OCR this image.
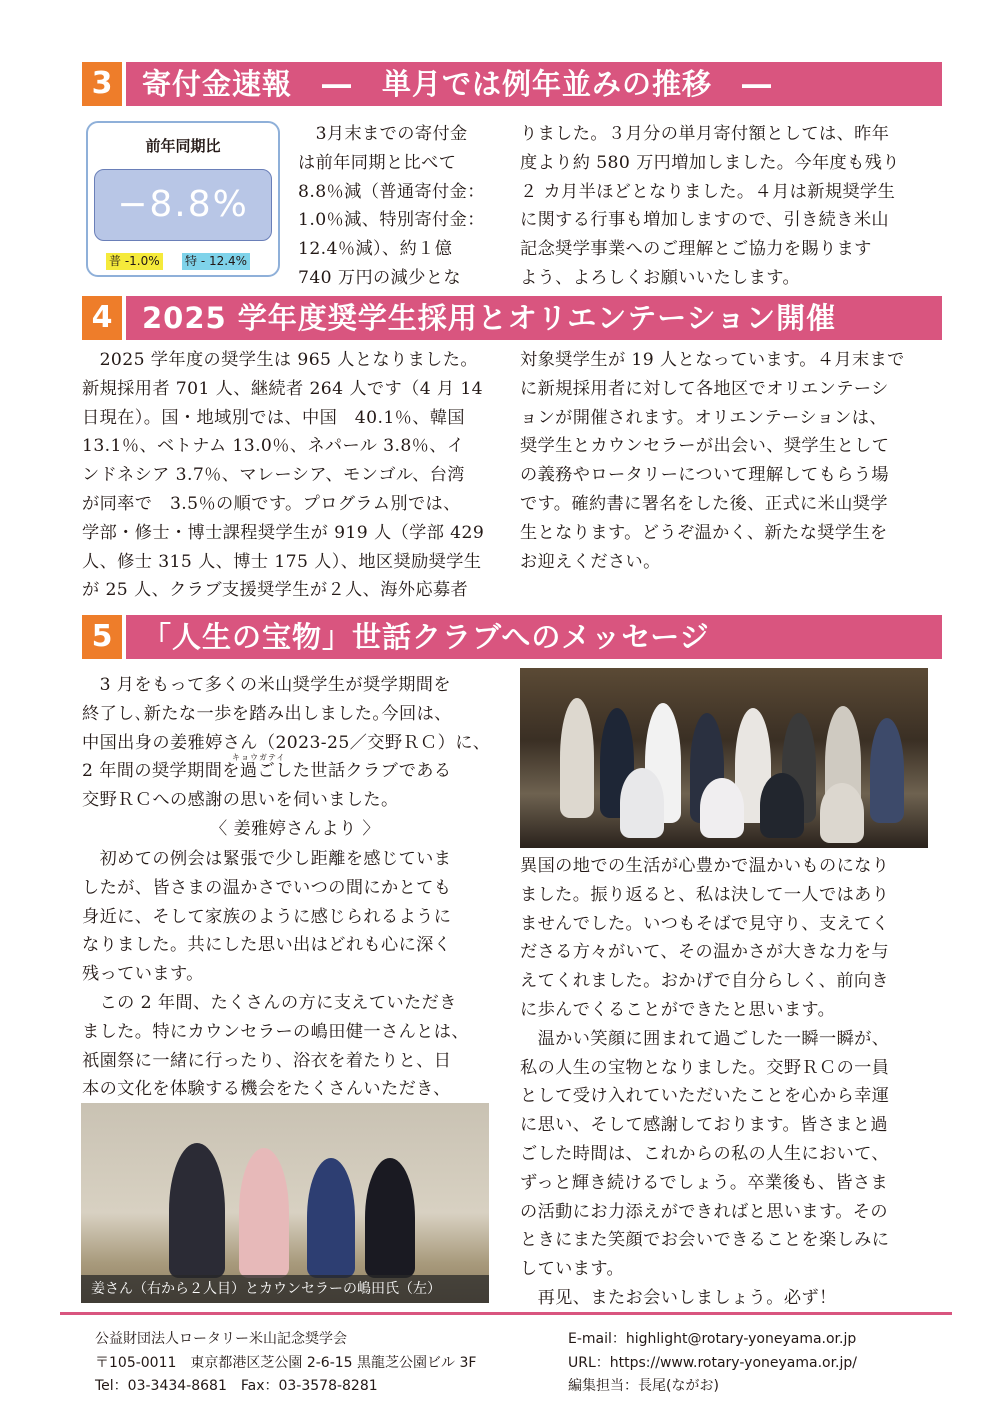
3	寄付金速報　―　単月では例年並みの推移　―
前年同期比
−8.8%
普 -1.0% 特 - 12.4%

　3月末までの寄付金
は前年同期と比べて
8.8％減（普通寄付金：
1.0％減、特別寄付金：
12.4％減）、約１億
740 万円の減少とな

りました。３月分の単月寄付額としては、昨年
度より約 580 万円増加しました。今年度も残り
２ カ月半ほどとなりました。４月は新規奨学生
に関する行事も増加しますので、引き続き米山
記念奨学事業へのご理解とご協力を賜ります
よう、よろしくお願いいたします。

4	2025 学年度奨学生採用とオリエンテーション開催

　2025 学年度の奨学生は 965 人となりました。
新規採用者 701 人、継続者 264 人です（4 月 14
日現在）。国・地域別では、中国　40.1％、韓国
13.1％、ベトナム 13.0％、ネパール 3.8％、イ
ンドネシア 3.7％、マレーシア、モンゴル、台湾
が同率で　3.5％の順です。プログラム別では、
学部・修士・博士課程奨学生が 919 人（学部 429
人、修士 315 人、博士 175 人）、地区奨励奨学生
が 25 人、クラブ支援奨学生が２人、海外応募者

対象奨学生が 19 人となっています。４月末まで
に新規採用者に対して各地区でオリエンテーシ
ョンが開催されます。オリエンテーションは、
奨学生とカウンセラーが出会い、奨学生として
の義務やロータリーについて理解してもらう場
です。確約書に署名をした後、正式に米山奨学
生となります。どうぞ温かく、新たな奨学生を
お迎えください。

5	「人生の宝物」世話クラブへのメッセージ
キョウガテイ

　3 月をもって多くの米山奨学生が奨学期間を
終了し､新たな一歩を踏み出しました｡今回は、
中国出身の姜雅婷さん（2023-25／交野ＲＣ）に、
2 年間の奨学期間を過ごした世話クラブである
交野ＲＣへの感謝の思いを伺いました。

〈 姜雅婷さんより 〉

　初めての例会は緊張で少し距離を感じていま
したが、皆さまの温かさでいつの間にかとても
身近に、そして家族のように感じられるように
なりました。共にした思い出はどれも心に深く
残っています。
　この 2 年間、たくさんの方に支えていただき
ました。特にカウンセラーの嶋田健一さんとは、
祇園祭に一緒に行ったり、浴衣を着たりと、日
本の文化を体験する機会をたくさんいただき、

異国の地での生活が心豊かで温かいものになり
ました。振り返ると、私は決して一人ではあり
ませんでした。いつもそばで見守り、支えてく
ださる方々がいて、その温かさが大きな力を与
えてくれました。おかげで自分らしく、前向き
に歩んでくることができたと思います。
　温かい笑顔に囲まれて過ごした一瞬一瞬が、
私の人生の宝物となりました。交野ＲＣの一員
として受け入れていただいたことを心から幸運
に思い、そして感謝しております。皆さまと過
ごした時間は、これからの私の人生において、
ずっと輝き続けるでしょう。卒業後も、皆さま
の活動にお力添えができればと思います。その
ときにまた笑顔でお会いできることを楽しみに
しています。
　再见、またお会いしましょう。必ず！

姜さん（右から２人目）とカウンセラーの嶋田氏（左）

公益財団法人ロータリー米山記念奨学会
〒105-0011　東京都港区芝公園 2-6-15 黒龍芝公園ビル 3F
Tel：03-3434-8681　Fax：03-3578-8281

E-mail：highlight@rotary-yoneyama.or.jp
URL：https://www.rotary-yoneyama.or.jp/
編集担当：長尾(ながお)
